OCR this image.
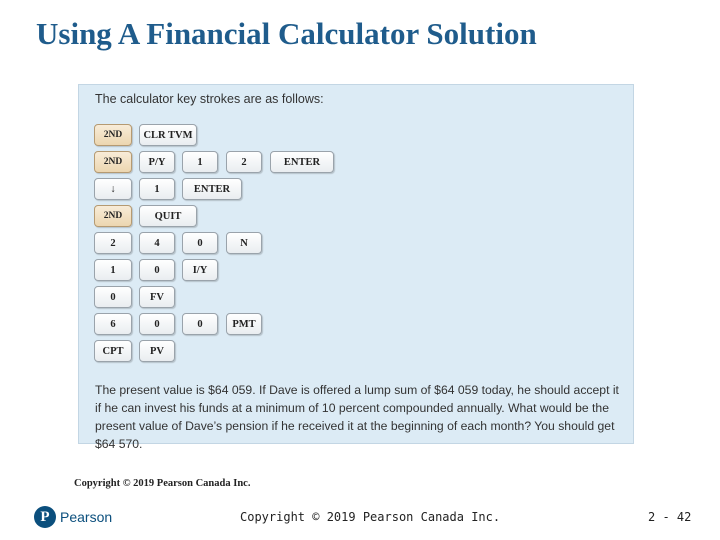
Using A Financial Calculator Solution
The calculator key strokes are as follows:
2ND	CLR TVM
2ND	P/Y	1	2	ENTER
↓	1	ENTER
2ND	QUIT
2	4	0	N
1	0	I/Y
0	FV
6	0	0	PMT
CPT	PV
The present value is $64 059. If Dave is offered a lump sum of $64 059 today, he should accept it if he can invest his funds at a minimum of 10 percent compounded annually. What would be the present value of Dave’s pension if he received it at the beginning of each month? You should get $64 570.
Copyright © 2019 Pearson Canada Inc.
P Pearson	Copyright © 2019 Pearson Canada Inc.	2 - 42
